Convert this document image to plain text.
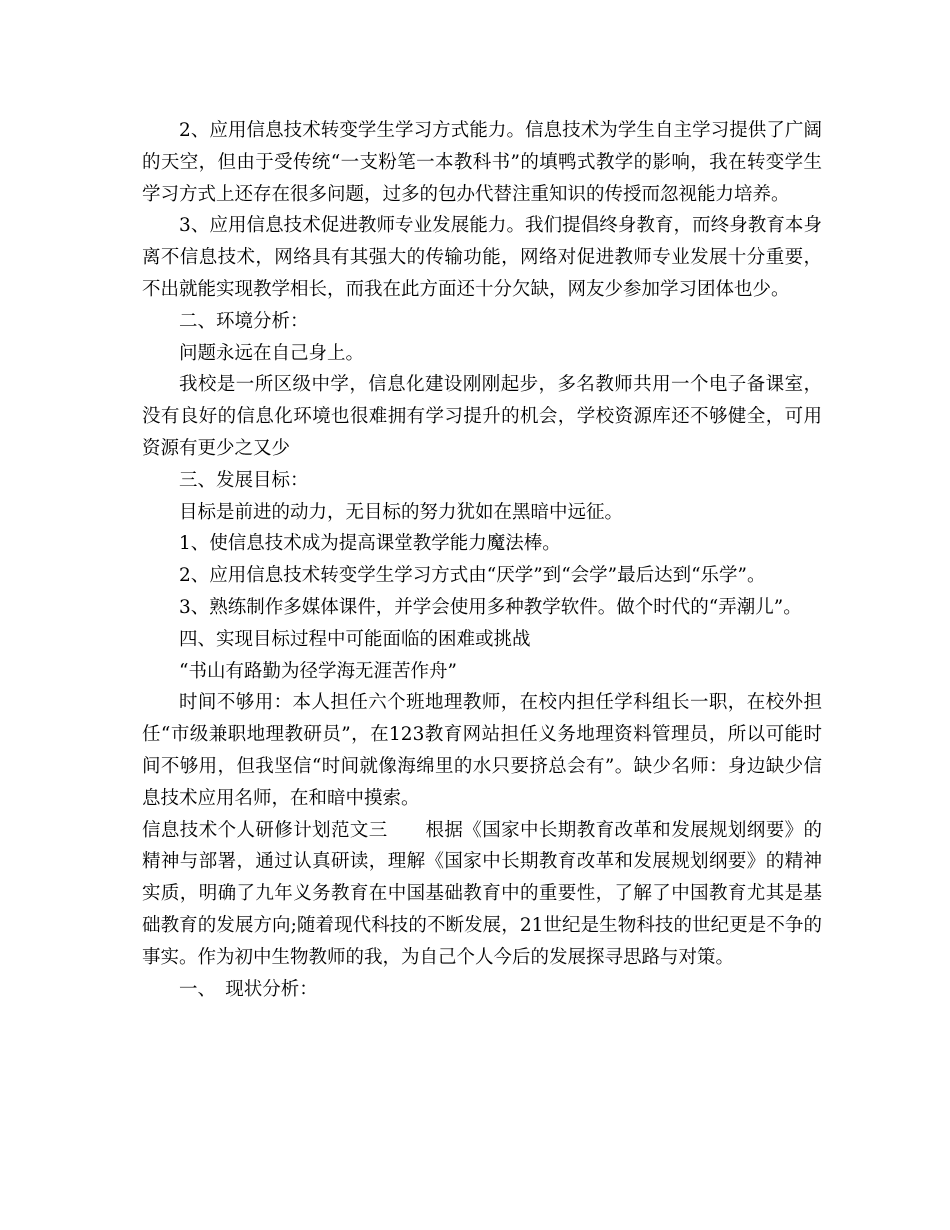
2、应用信息技术转变学生学习方式能力。信息技术为学生自主学习提供了广阔的天空，但由于受传统“一支粉笔一本教科书”的填鸭式教学的影响，我在转变学生学习方式上还存在很多问题，过多的包办代替注重知识的传授而忽视能力培养。

3、应用信息技术促进教师专业发展能力。我们提倡终身教育，而终身教育本身离不信息技术，网络具有其强大的传输功能，网络对促进教师专业发展十分重要，不出就能实现教学相长，而我在此方面还十分欠缺，网友少参加学习团体也少。

二、环境分析：

问题永远在自己身上。

我校是一所区级中学，信息化建设刚刚起步，多名教师共用一个电子备课室，没有良好的信息化环境也很难拥有学习提升的机会，学校资源库还不够健全，可用资源有更少之又少

三、发展目标：

目标是前进的动力，无目标的努力犹如在黑暗中远征。

1、使信息技术成为提高课堂教学能力魔法棒。

2、应用信息技术转变学生学习方式由“厌学”到“会学”最后达到“乐学”。

3、熟练制作多媒体课件，并学会使用多种教学软件。做个时代的“弄潮儿”。

四、实现目标过程中可能面临的困难或挑战

“书山有路勤为径学海无涯苦作舟”

时间不够用：本人担任六个班地理教师，在校内担任学科组长一职，在校外担任“市级兼职地理教研员”，在123教育网站担任义务地理资料管理员，所以可能时间不够用，但我坚信“时间就像海绵里的水只要挤总会有”。缺少名师：身边缺少信息技术应用名师，在和暗中摸索。

信息技术个人研修计划范文三　　根据《国家中长期教育改革和发展规划纲要》的精神与部署，通过认真研读，理解《国家中长期教育改革和发展规划纲要》的精神实质，明确了九年义务教育在中国基础教育中的重要性，了解了中国教育尤其是基础教育的发展方向;随着现代科技的不断发展，21世纪是生物科技的世纪更是不争的事实。作为初中生物教师的我，为自己个人今后的发展探寻思路与对策。

一、　现状分析：
